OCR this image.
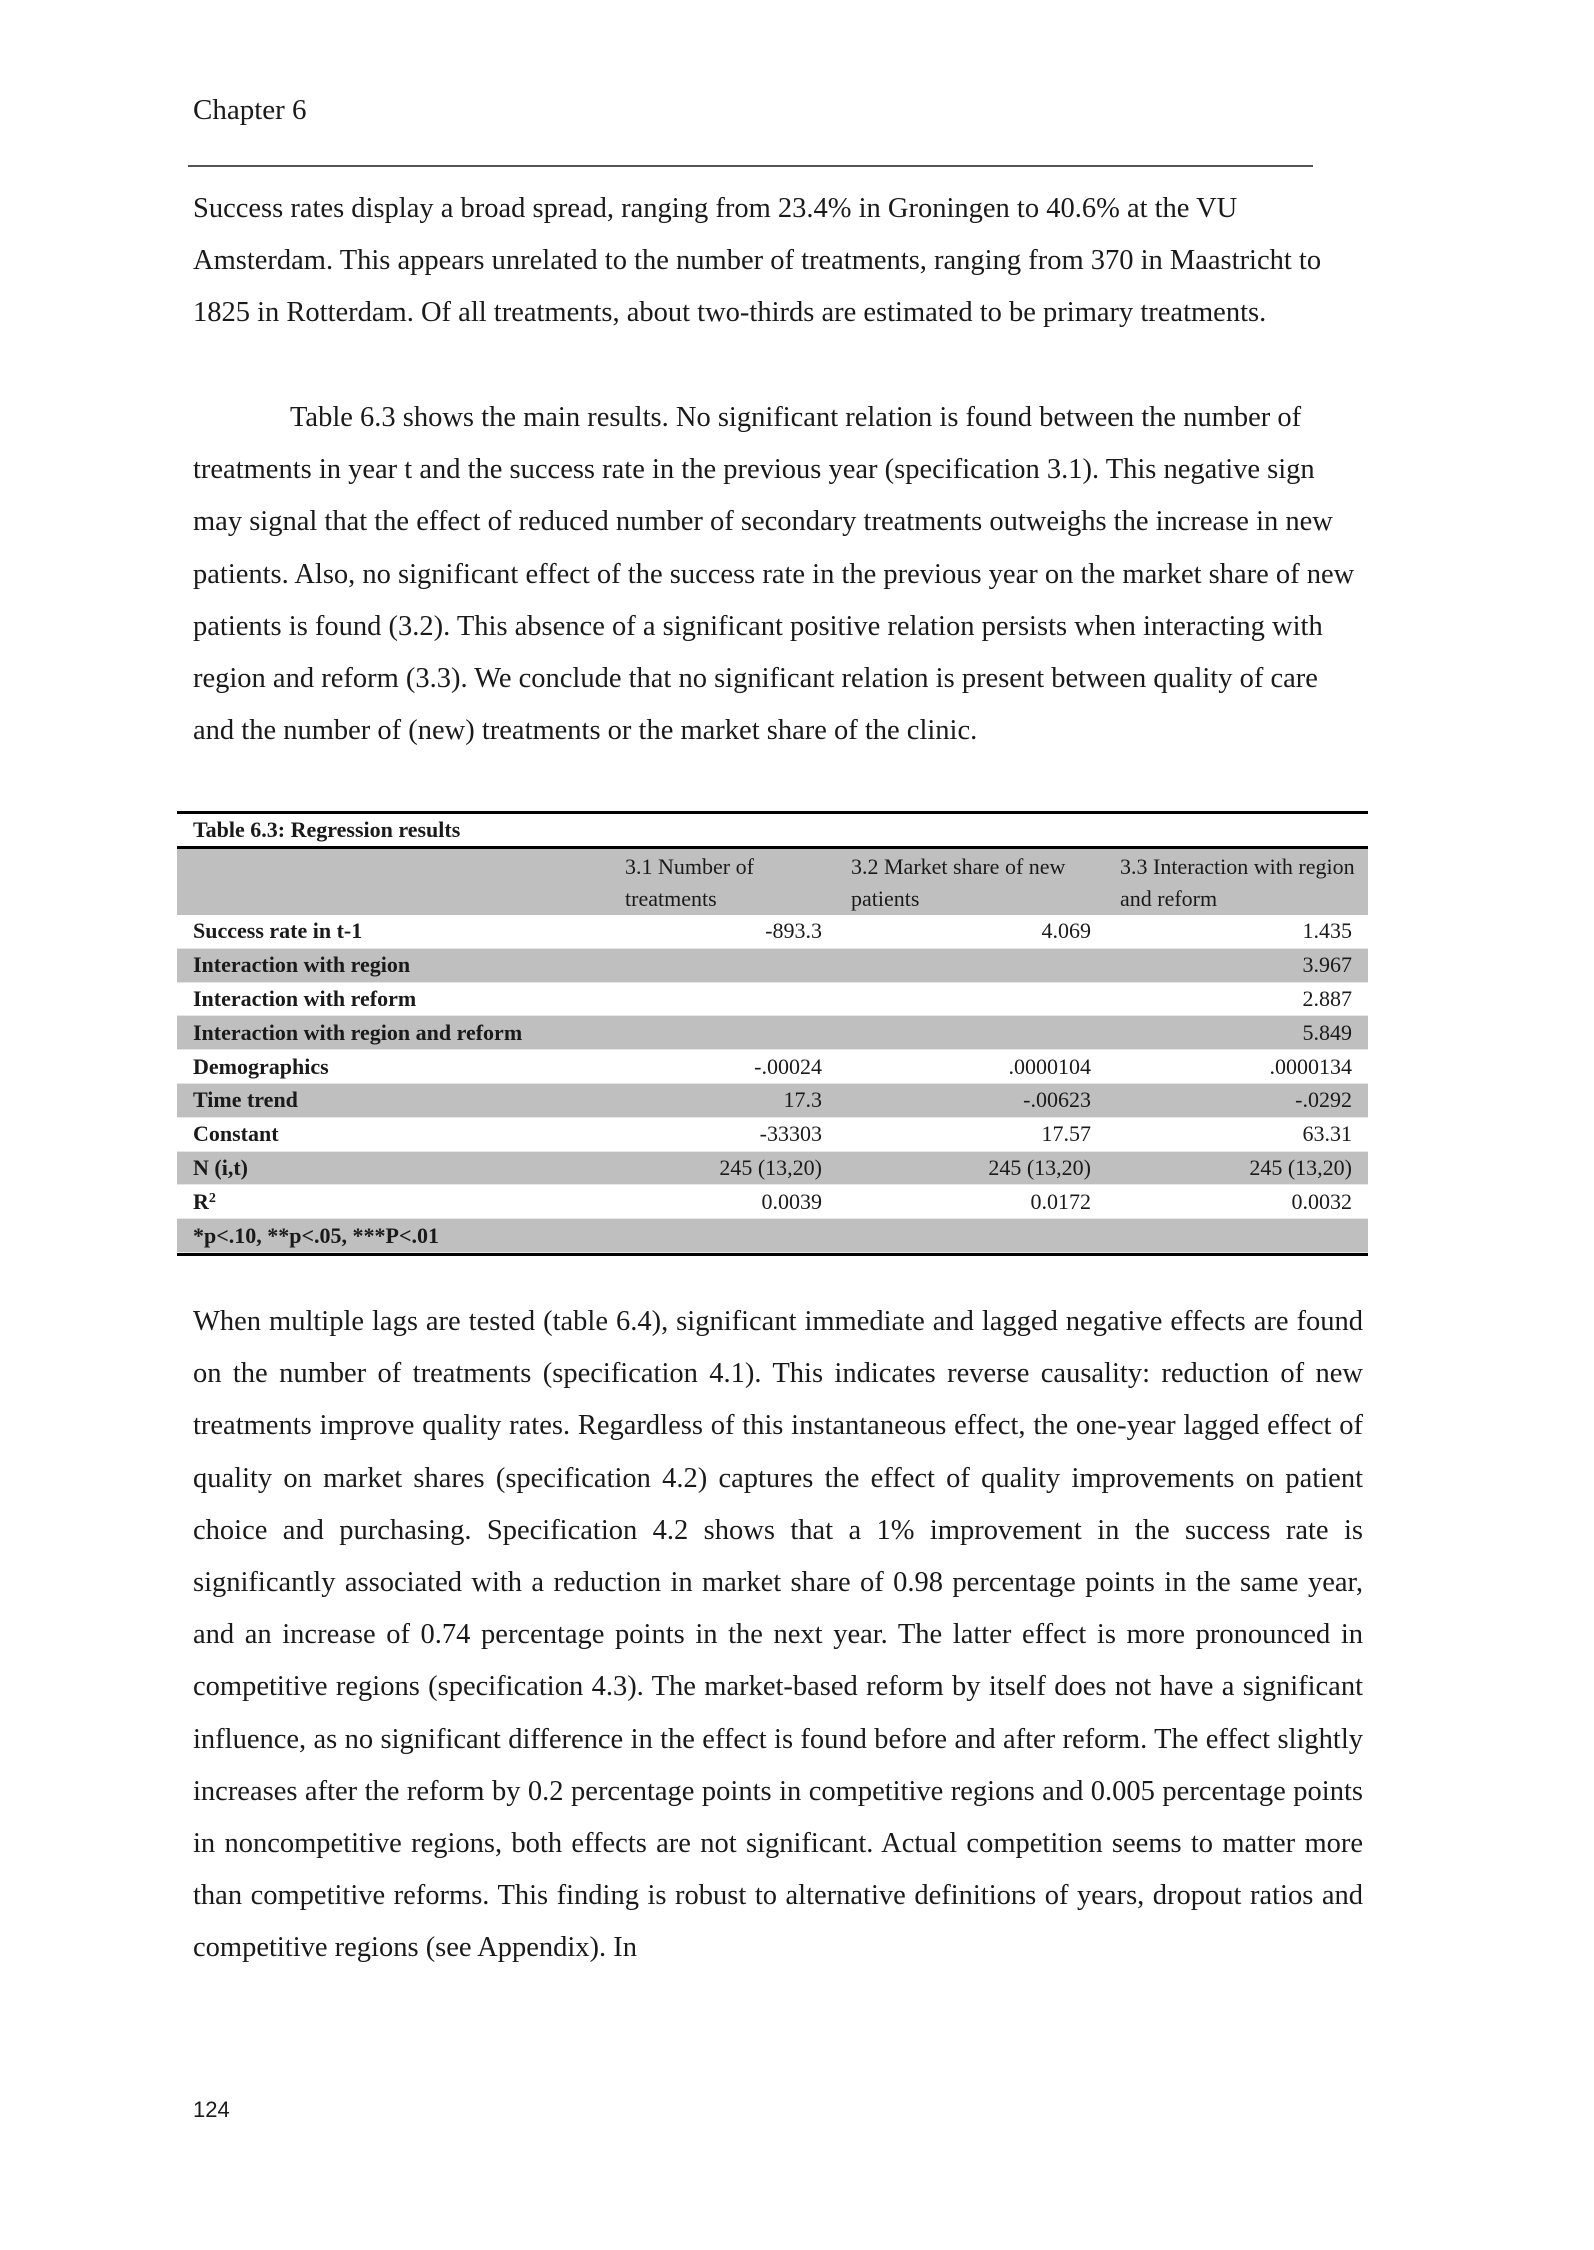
Chapter 6

Success rates display a broad spread, ranging from 23.4% in Groningen to 40.6% at the VU Amsterdam. This appears unrelated to the number of treatments, ranging from 370 in Maastricht to 1825 in Rotterdam. Of all treatments, about two-thirds are estimated to be primary treatments.

Table 6.3 shows the main results. No significant relation is found between the number of treatments in year t and the success rate in the previous year (specification 3.1). This negative sign may signal that the effect of reduced number of secondary treatments outweighs the increase in new patients. Also, no significant effect of the success rate in the previous year on the market share of new patients is found (3.2). This absence of a significant positive relation persists when interacting with region and reform (3.3). We conclude that no significant relation is present between quality of care and the number of (new) treatments or the market share of the clinic.

Table 6.3: Regression results
	3.1 Number of treatments	3.2 Market share of new patients	3.3 Interaction with region and reform
Success rate in t-1	-893.3	4.069	1.435
Interaction with region			3.967
Interaction with reform			2.887
Interaction with region and reform			5.849
Demographics	-.00024	.0000104	.0000134
Time trend	17.3	-.00623	-.0292
Constant	-33303	17.57	63.31
N (i,t)	245 (13,20)	245 (13,20)	245 (13,20)
$R^2$	0.0039	0.0172	0.0032
*p<.10, **p<.05, ***P<.01			

When multiple lags are tested (table 6.4), significant immediate and lagged negative effects are found on the number of treatments (specification 4.1). This indicates reverse causality: reduction of new treatments improve quality rates. Regardless of this instantaneous effect, the one-year lagged effect of quality on market shares (specification 4.2) captures the effect of quality improvements on patient choice and purchasing. Specification 4.2 shows that a 1% improvement in the success rate is significantly associated with a reduction in market share of 0.98 percentage points in the same year, and an increase of 0.74 percentage points in the next year. The latter effect is more pronounced in competitive regions (specification 4.3). The market-based reform by itself does not have a significant influence, as no significant difference in the effect is found before and after reform. The effect slightly increases after the reform by 0.2 percentage points in competitive regions and 0.005 percentage points in noncompetitive regions, both effects are not significant. Actual competition seems to matter more than competitive reforms. This finding is robust to alternative definitions of years, dropout ratios and competitive regions (see Appendix). In

124
